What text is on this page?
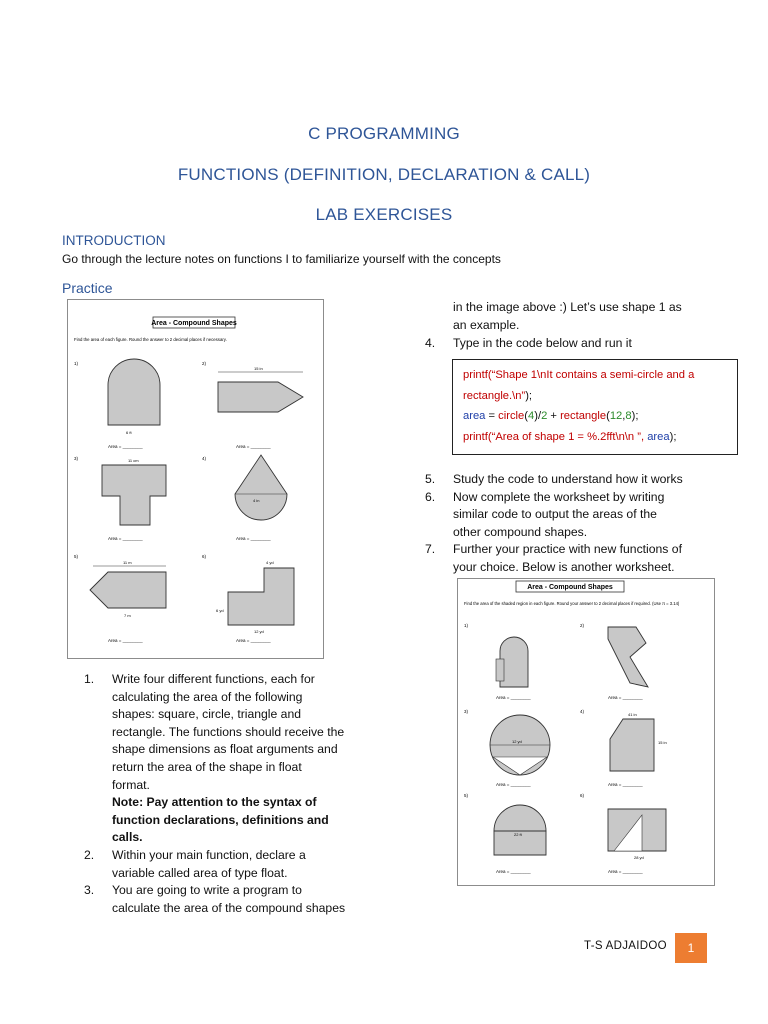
C PROGRAMMING
FUNCTIONS (DEFINITION, DECLARATION & CALL)
LAB EXERCISES
INTRODUCTION
Go through the lecture notes on functions I to familiarize yourself with the concepts
Practice
Area - Compound Shapes
Find the area of each figure. Round the answer to 2 decimal places if necessary.
1)	2)
3)	4)
5)	6)
6 ft
15 in
11 cm
4 in
11 m
7 m
4 yd
12 yd
6 yd
Area = ________	Area = ________
Area = ________	Area = ________
Area = ________	Area = ________
1. Write four different functions, each for
calculating the area of the following
shapes: square, circle, triangle and
rectangle. The functions should receive the
shape dimensions as float arguments and
return the area of the shape in float
format.
Note: Pay attention to the syntax of
function declarations, definitions and
calls.
2. Within your main function, declare a
variable called area of type float.
3. You are going to write a program to
calculate the area of the compound shapes
in the image above :) Let’s use shape 1 as
an example.
4. Type in the code below and run it
printf(“Shape 1\nIt contains a semi-circle and a
rectangle.\n”);
area = circle(4)/2 + rectangle(12,8);
printf(“Area of shape 1 = %.2fft\n\n ”, area);
5. Study the code to understand how it works
6. Now complete the worksheet by writing
similar code to output the areas of the
other compound shapes.
7. Further your practice with new functions of
your choice. Below is another worksheet.
Area - Compound Shapes
Find the area of the shaded region in each figure. Round your answer to 2 decimal places if required. (Use π = 3.14)
1)	2)
3)	4)
5)	6)
12 yd
41 in
15 in
22 ft
28 yd
Area = ________	Area = ________
Area = ________	Area = ________
Area = ________	Area = ________
T-S ADJAIDOO	1
